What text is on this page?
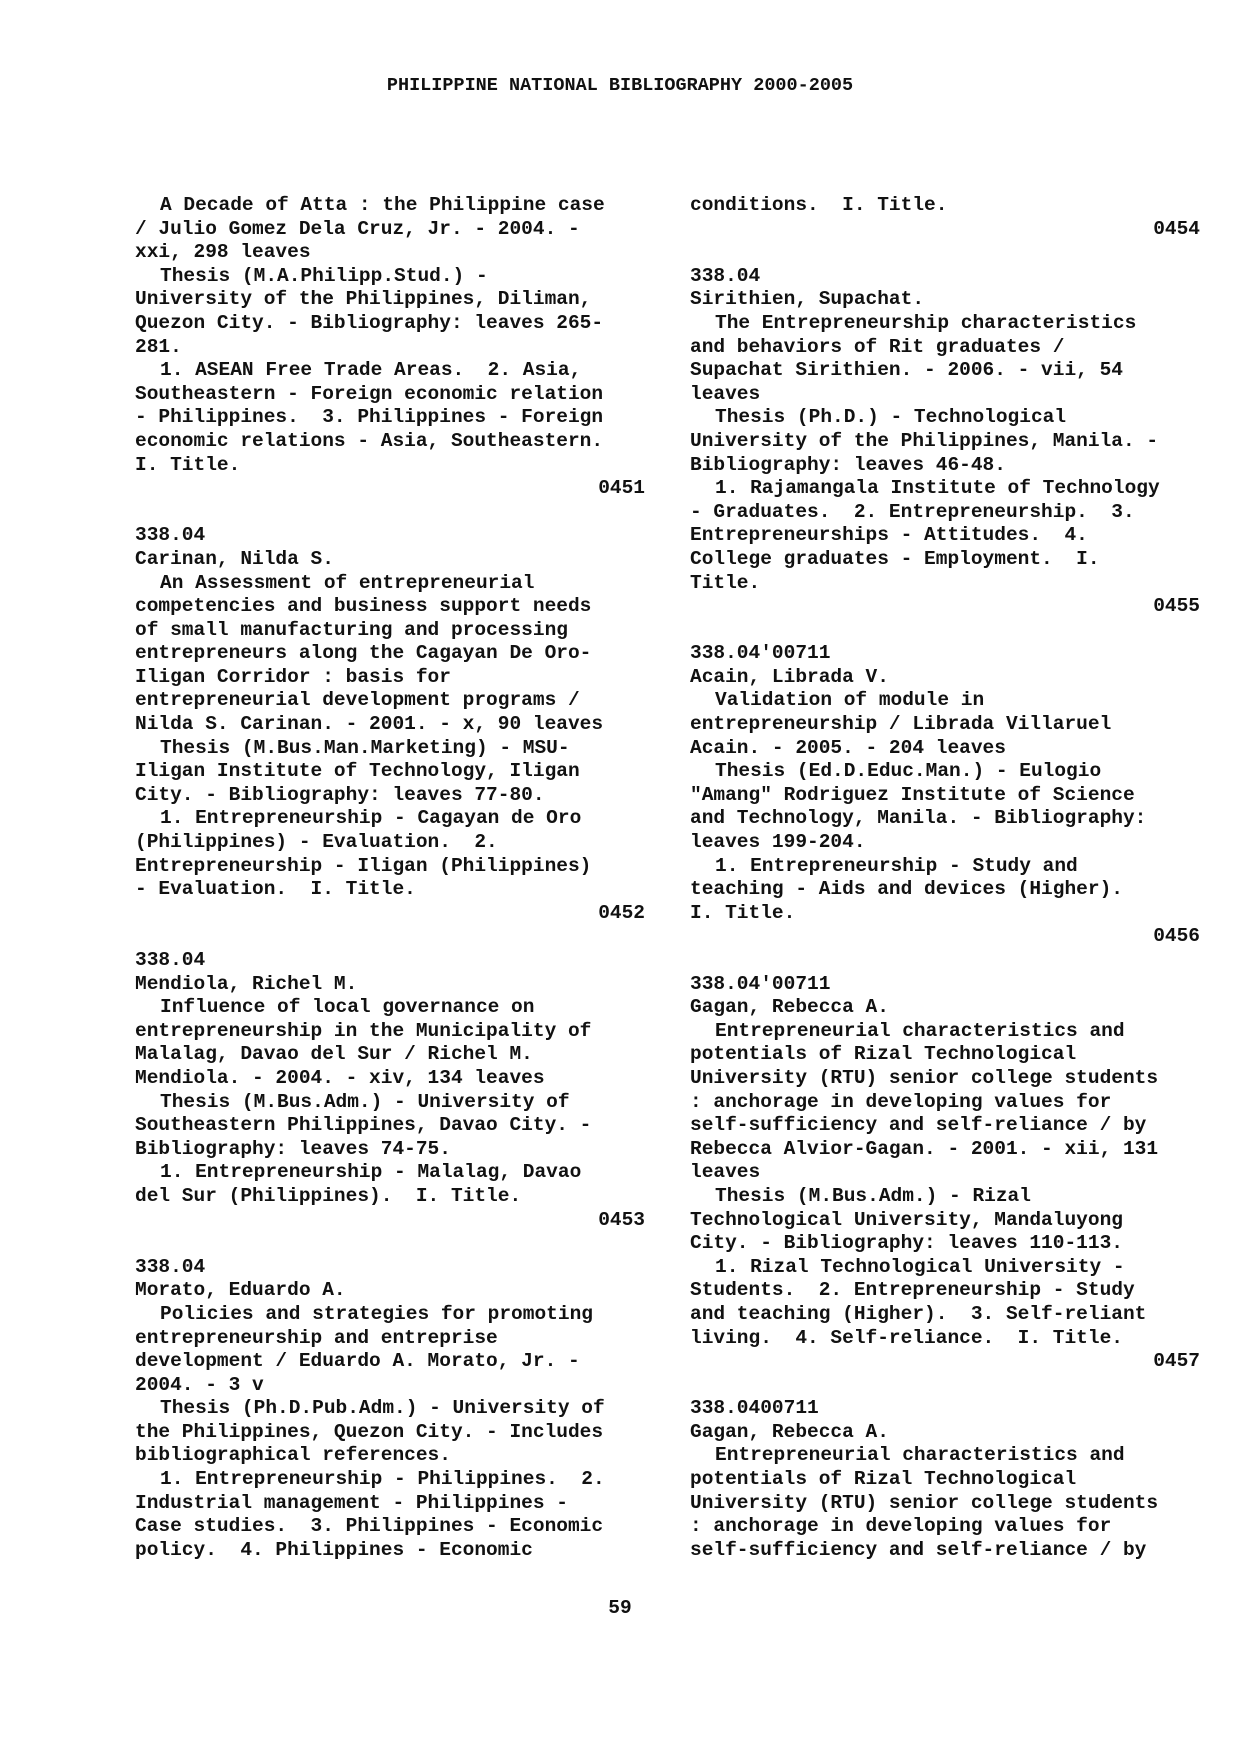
PHILIPPINE NATIONAL BIBLIOGRAPHY 2000-2005
A Decade of Atta : the Philippine case
/ Julio Gomez Dela Cruz, Jr. - 2004. -
xxi, 298 leaves
Thesis (M.A.Philipp.Stud.) -
University of the Philippines, Diliman,
Quezon City. - Bibliography: leaves 265-
281.
1. ASEAN Free Trade Areas.  2. Asia,
Southeastern - Foreign economic relation
- Philippines.  3. Philippines - Foreign
economic relations - Asia, Southeastern.
I. Title.
0451
338.04
Carinan, Nilda S.
An Assessment of entrepreneurial
competencies and business support needs
of small manufacturing and processing
entrepreneurs along the Cagayan De Oro-
Iligan Corridor : basis for
entrepreneurial development programs /
Nilda S. Carinan. - 2001. - x, 90 leaves
Thesis (M.Bus.Man.Marketing) - MSU-
Iligan Institute of Technology, Iligan
City. - Bibliography: leaves 77-80.
1. Entrepreneurship - Cagayan de Oro
(Philippines) - Evaluation.  2.
Entrepreneurship - Iligan (Philippines)
- Evaluation.  I. Title.
0452
338.04
Mendiola, Richel M.
Influence of local governance on
entrepreneurship in the Municipality of
Malalag, Davao del Sur / Richel M.
Mendiola. - 2004. - xiv, 134 leaves
Thesis (M.Bus.Adm.) - University of
Southeastern Philippines, Davao City. -
Bibliography: leaves 74-75.
1. Entrepreneurship - Malalag, Davao
del Sur (Philippines).  I. Title.
0453
338.04
Morato, Eduardo A.
Policies and strategies for promoting
entrepreneurship and entreprise
development / Eduardo A. Morato, Jr. -
2004. - 3 v
Thesis (Ph.D.Pub.Adm.) - University of
the Philippines, Quezon City. - Includes
bibliographical references.
1. Entrepreneurship - Philippines.  2.
Industrial management - Philippines -
Case studies.  3. Philippines - Economic
policy.  4. Philippines - Economic
conditions.  I. Title.
0454
338.04
Sirithien, Supachat.
The Entrepreneurship characteristics
and behaviors of Rit graduates /
Supachat Sirithien. - 2006. - vii, 54
leaves
Thesis (Ph.D.) - Technological
University of the Philippines, Manila. -
Bibliography: leaves 46-48.
1. Rajamangala Institute of Technology
- Graduates.  2. Entrepreneurship.  3.
Entrepreneurships - Attitudes.  4.
College graduates - Employment.  I.
Title.
0455
338.04'00711
Acain, Librada V.
Validation of module in
entrepreneurship / Librada Villaruel
Acain. - 2005. - 204 leaves
Thesis (Ed.D.Educ.Man.) - Eulogio
"Amang" Rodriguez Institute of Science
and Technology, Manila. - Bibliography:
leaves 199-204.
1. Entrepreneurship - Study and
teaching - Aids and devices (Higher).
I. Title.
0456
338.04'00711
Gagan, Rebecca A.
Entrepreneurial characteristics and
potentials of Rizal Technological
University (RTU) senior college students
: anchorage in developing values for
self-sufficiency and self-reliance / by
Rebecca Alvior-Gagan. - 2001. - xii, 131
leaves
Thesis (M.Bus.Adm.) - Rizal
Technological University, Mandaluyong
City. - Bibliography: leaves 110-113.
1. Rizal Technological University -
Students.  2. Entrepreneurship - Study
and teaching (Higher).  3. Self-reliant
living.  4. Self-reliance.  I. Title.
0457
338.0400711
Gagan, Rebecca A.
Entrepreneurial characteristics and
potentials of Rizal Technological
University (RTU) senior college students
: anchorage in developing values for
self-sufficiency and self-reliance / by
59
